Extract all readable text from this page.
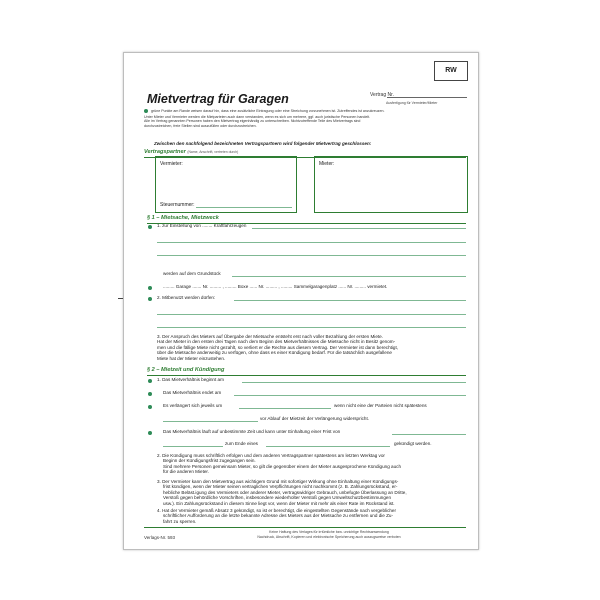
RW
Mietvertrag für Garagen	Vertrag Nr.
Ausfertigung für Vermieter/Mieter
grüne Punkte am Rande weisen darauf hin, dass eine zusätzliche Eintragung oder eine Streichung vorzunehmen ist. Zutreffendes ist anzukreuzen.
Unter Mieter und Vermieter werden die Mietparteien auch dann verstanden, wenn es sich um mehrere, ggf. auch juristische Personen handelt.
Alle im Vertrag genannten Personen haben den Mietvertrag eigenhändig zu unterschreiben. Nichtzutreffende Teile des Mietvertrags sind
durchzustreichen, freie Stellen sind auszufüllen oder durchzustreichen.
Zwischen den nachfolgend bezeichneten Vertragspartnern wird folgender Mietvertrag geschlossen:
Vertragspartner (Name, Anschrift, vertreten durch)
Vermieter:
Steuernummer:
Mieter:
§ 1 – Mietsache, Mietzweck
1. zur Einstellung von ........ Kraftfahrzeugen
werden auf dem Grundstück
......... Garage ....... Nr. ......... , ......... Boxe ...... Nr. ......... , ......... Sammelgaragenplatz ...... Nr. ......... vermietet.
2. Mitbenutzt werden dürfen:
3. Der Anspruch des Mieters auf Übergabe der Mietsache entsteht erst nach voller Bezahlung der ersten Miete.
Hat der Mieter in den ersten drei Tagen nach dem Beginn des Mietverhältnisses die Mietsache nicht in Besitz genom-
men und die fällige Miete nicht gezahlt, so verliert er die Rechte aus diesem Vertrag. Der Vermieter ist dann berechtigt,
über die Mietsache anderweitig zu verfügen, ohne dass es einer Kündigung bedarf. Für die tatsächlich ausgefallene
Miete hat der Mieter einzustehen.
§ 2 – Mietzeit und Kündigung
1. Das Mietverhältnis beginnt am
Das Mietverhältnis endet am
Es verlängert sich jeweils um	wenn nicht eine der Parteien nicht spätestens
vor Ablauf der Mietzeit der Verlängerung widerspricht.
Das Mietverhältnis läuft auf unbestimmte Zeit und kann unter Einhaltung einer Frist von
zum Ende eines	gekündigt werden.
2. Die Kündigung muss schriftlich erfolgen und dem anderen Vertragspartner spätestens am letzten Werktag vor
Beginn der Kündigungsfrist zugegangen sein.
Sind mehrere Personen gemeinsam Mieter, so gilt die gegenüber einem der Mieter ausgesprochene Kündigung auch
für die anderen Mieter.
3. Der Vermieter kann den Mietvertrag aus wichtigem Grund mit sofortiger Wirkung ohne Einhaltung einer Kündigungs-
frist kündigen, wenn der Mieter seinen vertraglichen Verpflichtungen nicht nachkommt (z. B. Zahlungsrückstand, er-
hebliche Beläst.igung des Vermieters oder anderer Mieter, vertragswidriger Gebrauch, unbefugte Überlassung an Dritte,
Verstoß gegen behördliche Vorschriften, insbesondere wiederholter Verstoß gegen Umweltschutzbestimmungen
usw.). Ein Zahlungsrückstand in diesem Sinne liegt vor, wenn der Mieter mit mehr als einer Rate im Rückstand ist.
4. Hat der Vermieter gemäß Absatz 3 gekündigt, so ist er berechtigt, die eingestellten Gegenstände nach vergeblicher
schriftlicher Aufforderung an die letzte bekannte Adresse des Mieters aus der Mietsache zu entfernen und die Zu-
fahrt zu sperren.
Verlags-Nr. 593
Keine Haftung des Verlages für irrtümliche bzw. unrichtige Rechtsanwendung
Nachdruck, Abschrift, Kopieren und elektronische Speicherung auch auszugsweise verboten
